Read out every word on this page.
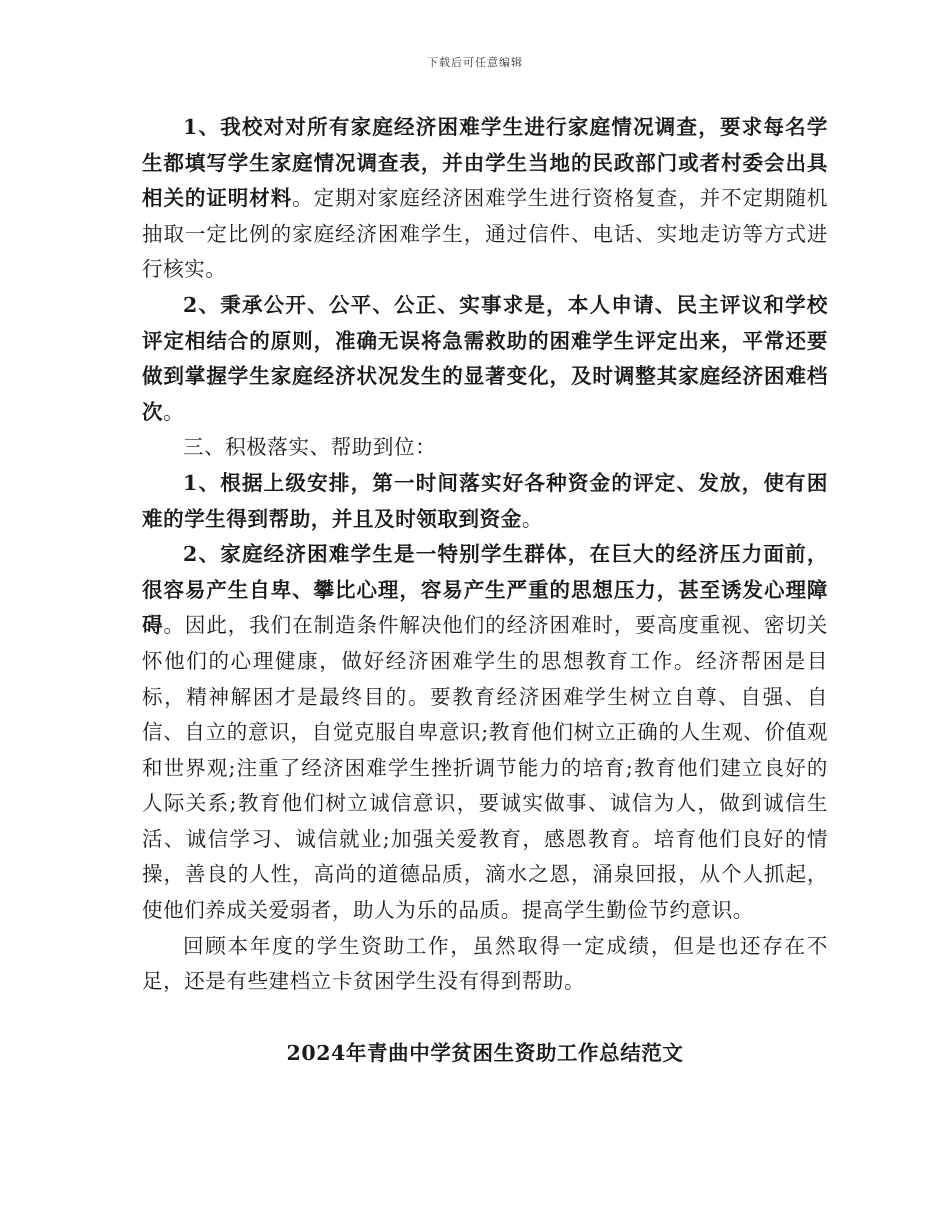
下载后可任意编辑

1、我校对对所有家庭经济困难学生进行家庭情况调查，要求每名学生都填写学生家庭情况调查表，并由学生当地的民政部门或者村委会出具相关的证明材料。定期对家庭经济困难学生进行资格复查，并不定期随机抽取一定比例的家庭经济困难学生，通过信件、电话、实地走访等方式进行核实。

2、秉承公开、公平、公正、实事求是，本人申请、民主评议和学校评定相结合的原则，准确无误将急需救助的困难学生评定出来，平常还要做到掌握学生家庭经济状况发生的显著变化，及时调整其家庭经济困难档次。

三、积极落实、帮助到位：

1、根据上级安排，第一时间落实好各种资金的评定、发放，使有困难的学生得到帮助，并且及时领取到资金。

2、家庭经济困难学生是一特别学生群体，在巨大的经济压力面前，很容易产生自卑、攀比心理，容易产生严重的思想压力，甚至诱发心理障碍。因此，我们在制造条件解决他们的经济困难时，要高度重视、密切关怀他们的心理健康，做好经济困难学生的思想教育工作。经济帮困是目标，精神解困才是最终目的。要教育经济困难学生树立自尊、自强、自信、自立的意识，自觉克服自卑意识;教育他们树立正确的人生观、价值观和世界观;注重了经济困难学生挫折调节能力的培育;教育他们建立良好的人际关系;教育他们树立诚信意识，要诚实做事、诚信为人，做到诚信生活、诚信学习、诚信就业;加强关爱教育，感恩教育。培育他们良好的情操，善良的人性，高尚的道德品质，滴水之恩，涌泉回报，从个人抓起，使他们养成关爱弱者，助人为乐的品质。提高学生勤俭节约意识。

回顾本年度的学生资助工作，虽然取得一定成绩，但是也还存在不足，还是有些建档立卡贫困学生没有得到帮助。

2024年青曲中学贫困生资助工作总结范文
